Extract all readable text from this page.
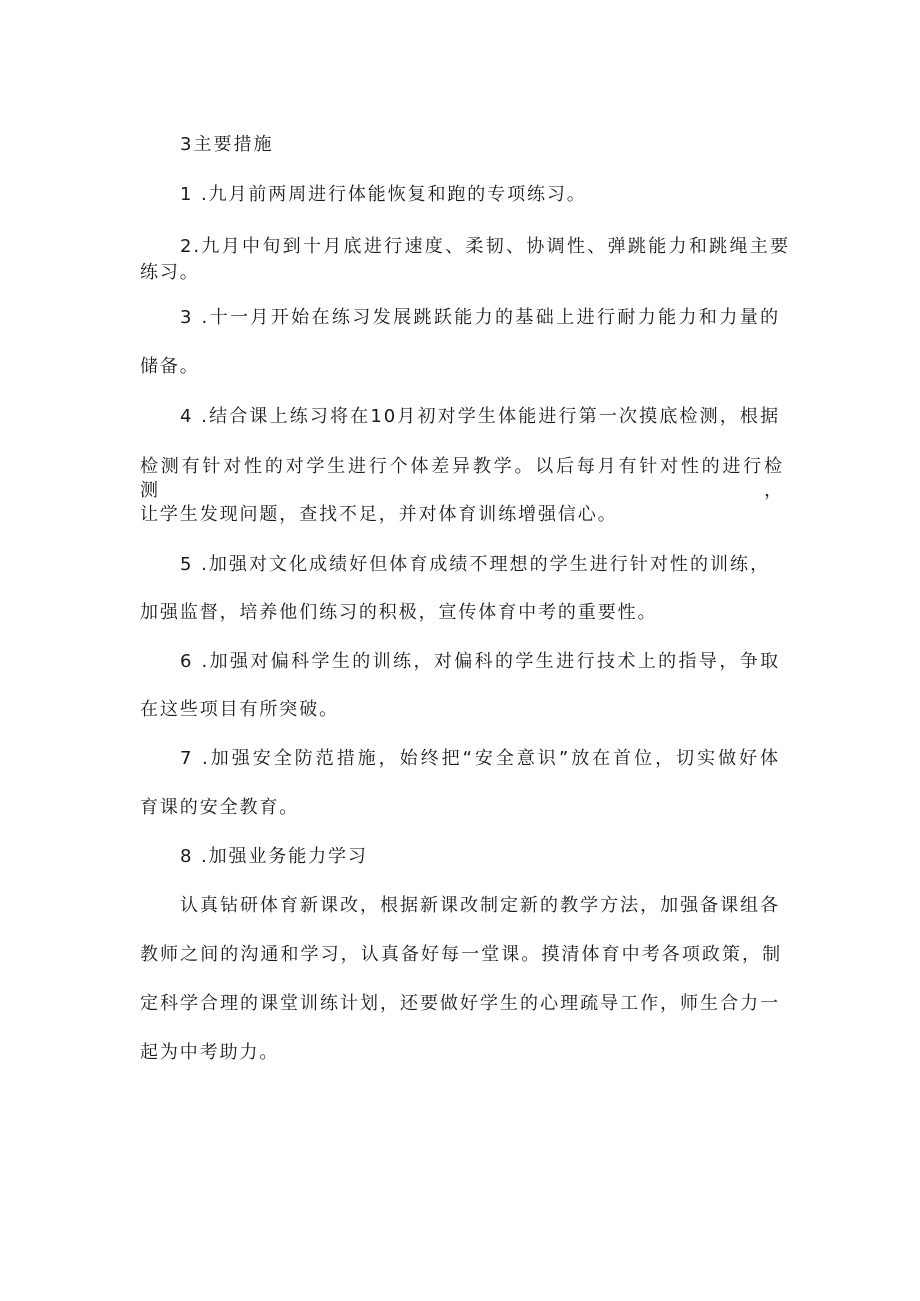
3主要措施
1 .九月前两周进行体能恢复和跑的专项练习。
2.九月中旬到十月底进行速度、柔韧、协调性、弹跳能力和跳绳主要
练习。
3 .十一月开始在练习发展跳跃能力的基础上进行耐力能力和力量的
储备。
4 .结合课上练习将在10月初对学生体能进行第一次摸底检测，根据
检测有针对性的对学生进行个体差异教学。以后每月有针对性的进行检测，
让学生发现问题，查找不足，并对体育训练增强信心。
5 .加强对文化成绩好但体育成绩不理想的学生进行针对性的训练，
加强监督，培养他们练习的积极，宣传体育中考的重要性。
6 .加强对偏科学生的训练，对偏科的学生进行技术上的指导，争取
在这些项目有所突破。
7 .加强安全防范措施，始终把“安全意识”放在首位，切实做好体
育课的安全教育。
8 .加强业务能力学习
认真钻研体育新课改，根据新课改制定新的教学方法，加强备课组各
教师之间的沟通和学习，认真备好每一堂课。摸清体育中考各项政策，制
定科学合理的课堂训练计划，还要做好学生的心理疏导工作，师生合力一
起为中考助力。
